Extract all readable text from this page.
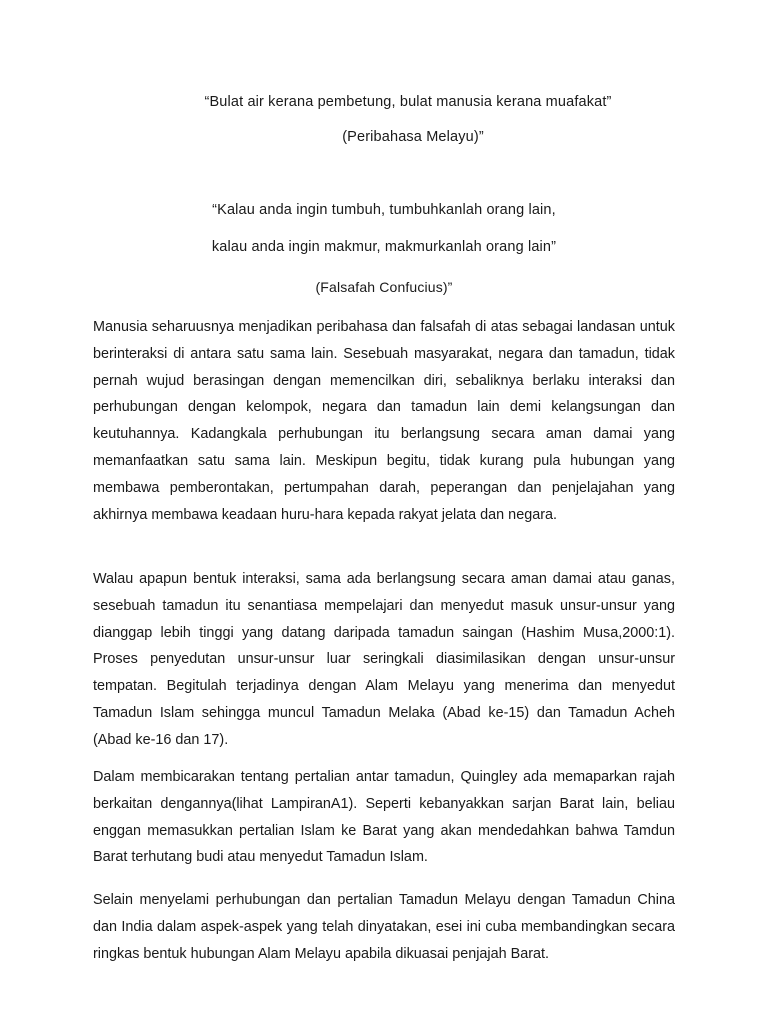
“Bulat air kerana pembetung, bulat manusia kerana muafakat”
(Peribahasa Melayu)”
“Kalau anda ingin tumbuh, tumbuhkanlah orang lain,
kalau anda ingin makmur, makmurkanlah orang lain”
(Falsafah Confucius)”

Manusia seharuusnya menjadikan peribahasa dan falsafah di atas sebagai landasan untuk berinteraksi di antara satu sama lain. Sesebuah masyarakat, negara dan tamadun, tidak pernah wujud berasingan dengan memencilkan diri, sebaliknya berlaku interaksi dan perhubungan dengan kelompok, negara dan tamadun lain demi kelangsungan dan keutuhannya. Kadangkala perhubungan itu berlangsung secara aman damai yang memanfaatkan satu sama lain. Meskipun begitu, tidak kurang pula hubungan yang membawa pemberontakan, pertumpahan darah, peperangan dan penjelajahan yang akhirnya membawa keadaan huru-hara kepada rakyat jelata dan negara.

Walau apapun bentuk interaksi, sama ada berlangsung secara aman damai atau ganas, sesebuah tamadun itu senantiasa mempelajari dan menyedut masuk unsur-unsur yang dianggap lebih tinggi yang datang daripada tamadun saingan (Hashim Musa,2000:1). Proses penyedutan unsur-unsur luar seringkali diasimilasikan dengan unsur-unsur tempatan. Begitulah terjadinya dengan Alam Melayu yang menerima dan menyedut Tamadun Islam sehingga muncul Tamadun Melaka (Abad ke-15) dan Tamadun Acheh (Abad ke-16 dan 17).

Dalam membicarakan tentang pertalian antar tamadun, Quingley ada memaparkan rajah berkaitan dengannya(lihat LampiranA1). Seperti kebanyakkan sarjan Barat lain, beliau enggan memasukkan pertalian Islam ke Barat yang akan mendedahkan bahwa Tamdun Barat terhutang budi atau menyedut Tamadun Islam.

Selain menyelami perhubungan dan pertalian Tamadun Melayu dengan Tamadun China dan India dalam aspek-aspek yang telah dinyatakan, esei ini cuba membandingkan secara ringkas bentuk hubungan Alam Melayu apabila dikuasai penjajah Barat.
